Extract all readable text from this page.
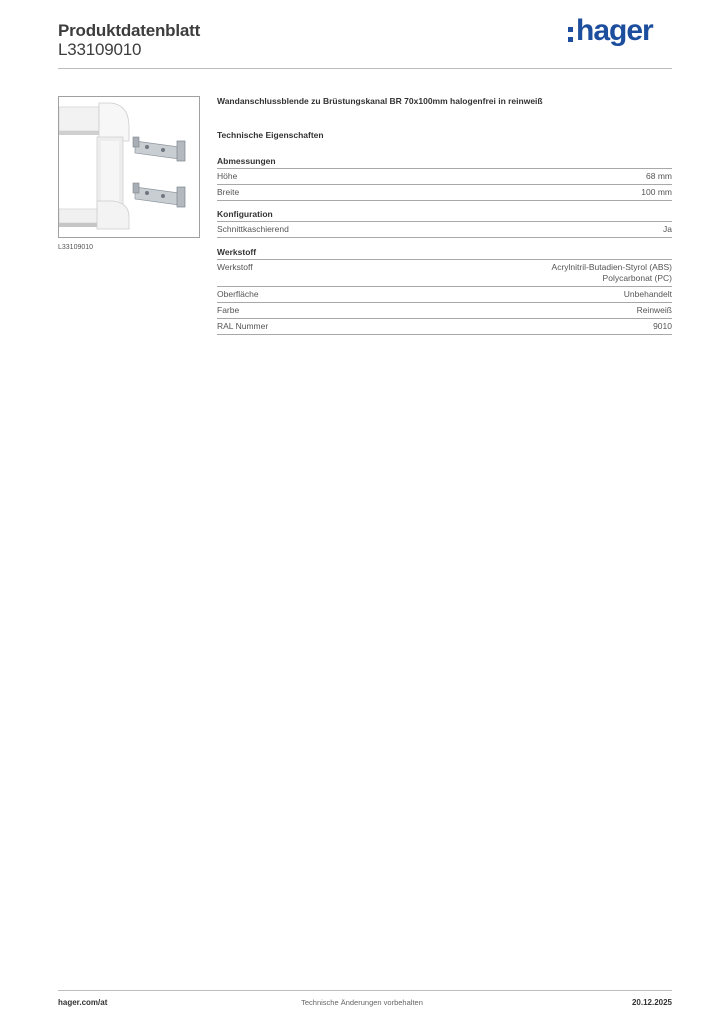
Produktdatenblatt
L33109010
hager
L33109010
Wandanschlussblende zu Brüstungskanal BR 70x100mm halogenfrei in reinweiß
Technische Eigenschaften
Abmessungen
Höhe	68 mm
Breite	100 mm
Konfiguration
Schnittkaschierend	Ja
Werkstoff
Werkstoff	Acrylnitril-Butadien-Styrol (ABS)
Polycarbonat (PC)
Oberfläche	Unbehandelt
Farbe	Reinweiß
RAL Nummer	9010
Technische Änderungen vorbehalten
hager.com/at	20.12.2025
